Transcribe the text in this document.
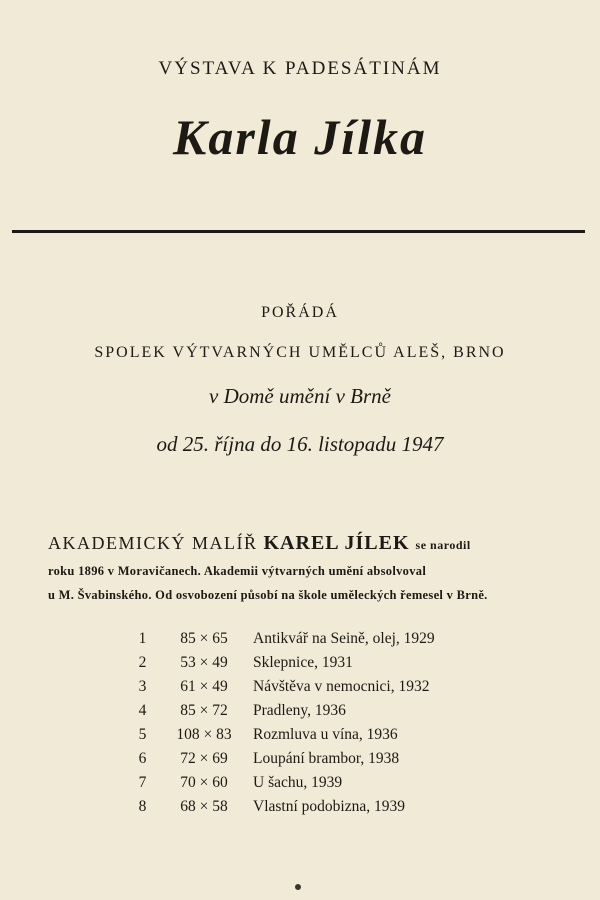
VÝSTAVA K PADESÁTINÁM
Karla Jílka
POŘÁDÁ
SPOLEK VÝTVARNÝCH UMĚLCŮ ALEŠ, BRNO
v Domě umění v Brně
od 25. října do 16. listopadu 1947
AKADEMICKÝ MALÍŘ KAREL JÍLEK se narodil
roku 1896 v Moravičanech. Akademii výtvarných umění absolvoval
u M. Švabinského. Od osvobození působí na škole uměleckých řemesel v Brně.
1	85 × 65	Antikvář na Seině, olej, 1929
2	53 × 49	Sklepnice, 1931
3	61 × 49	Návštěva v nemocnici, 1932
4	85 × 72	Pradleny, 1936
5	108 × 83	Rozmluva u vína, 1936
6	72 × 69	Loupání brambor, 1938
7	70 × 60	U šachu, 1939
8	68 × 58	Vlastní podobizna, 1939
